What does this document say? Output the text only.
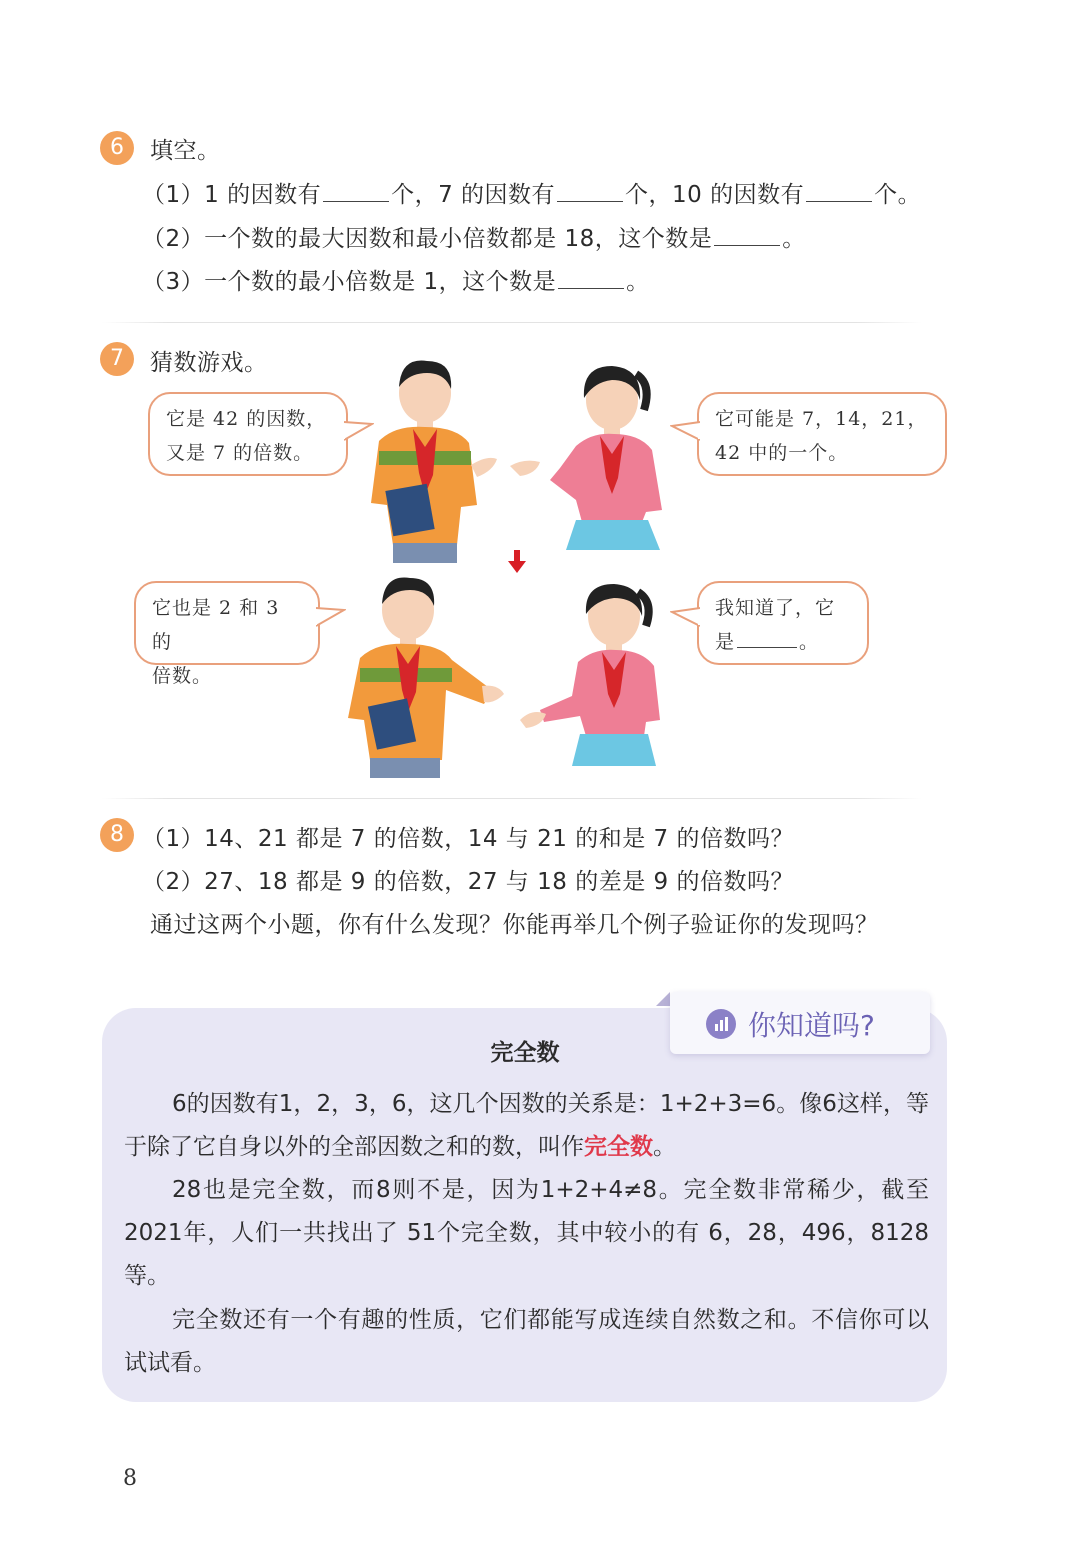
6	填空。
（1）1 的因数有	个，7 的因数有	个，10 的因数有	个。
（2）一个数的最大因数和最小倍数都是 18，这个数是	。
（3）一个数的最小倍数是 1，这个数是	。
7	猜数游戏。
它是 42 的因数，
又是 7 的倍数。
它可能是 7，14，21，
42 中的一个。
它也是 2 和 3 的
倍数。
我知道了，它
是	。
8 （1）14、21 都是 7 的倍数，14 与 21 的和是 7 的倍数吗？
（2）27、18 都是 9 的倍数，27 与 18 的差是 9 的倍数吗？
通过这两个小题，你有什么发现？你能再举几个例子验证你的发现吗？
你知道吗?
完全数
6的因数有1，2，3，6，这几个因数的关系是：1+2+3=6。像6这样，等于除了它自身以外的全部因数之和的数，叫作完全数。
28也是完全数，而8则不是，因为1+2+4≠8。完全数非常稀少，截至 2021年，人们一共找出了 51个完全数，其中较小的有 6，28，496，8128等。
完全数还有一个有趣的性质，它们都能写成连续自然数之和。不信你可以试试看。
8
